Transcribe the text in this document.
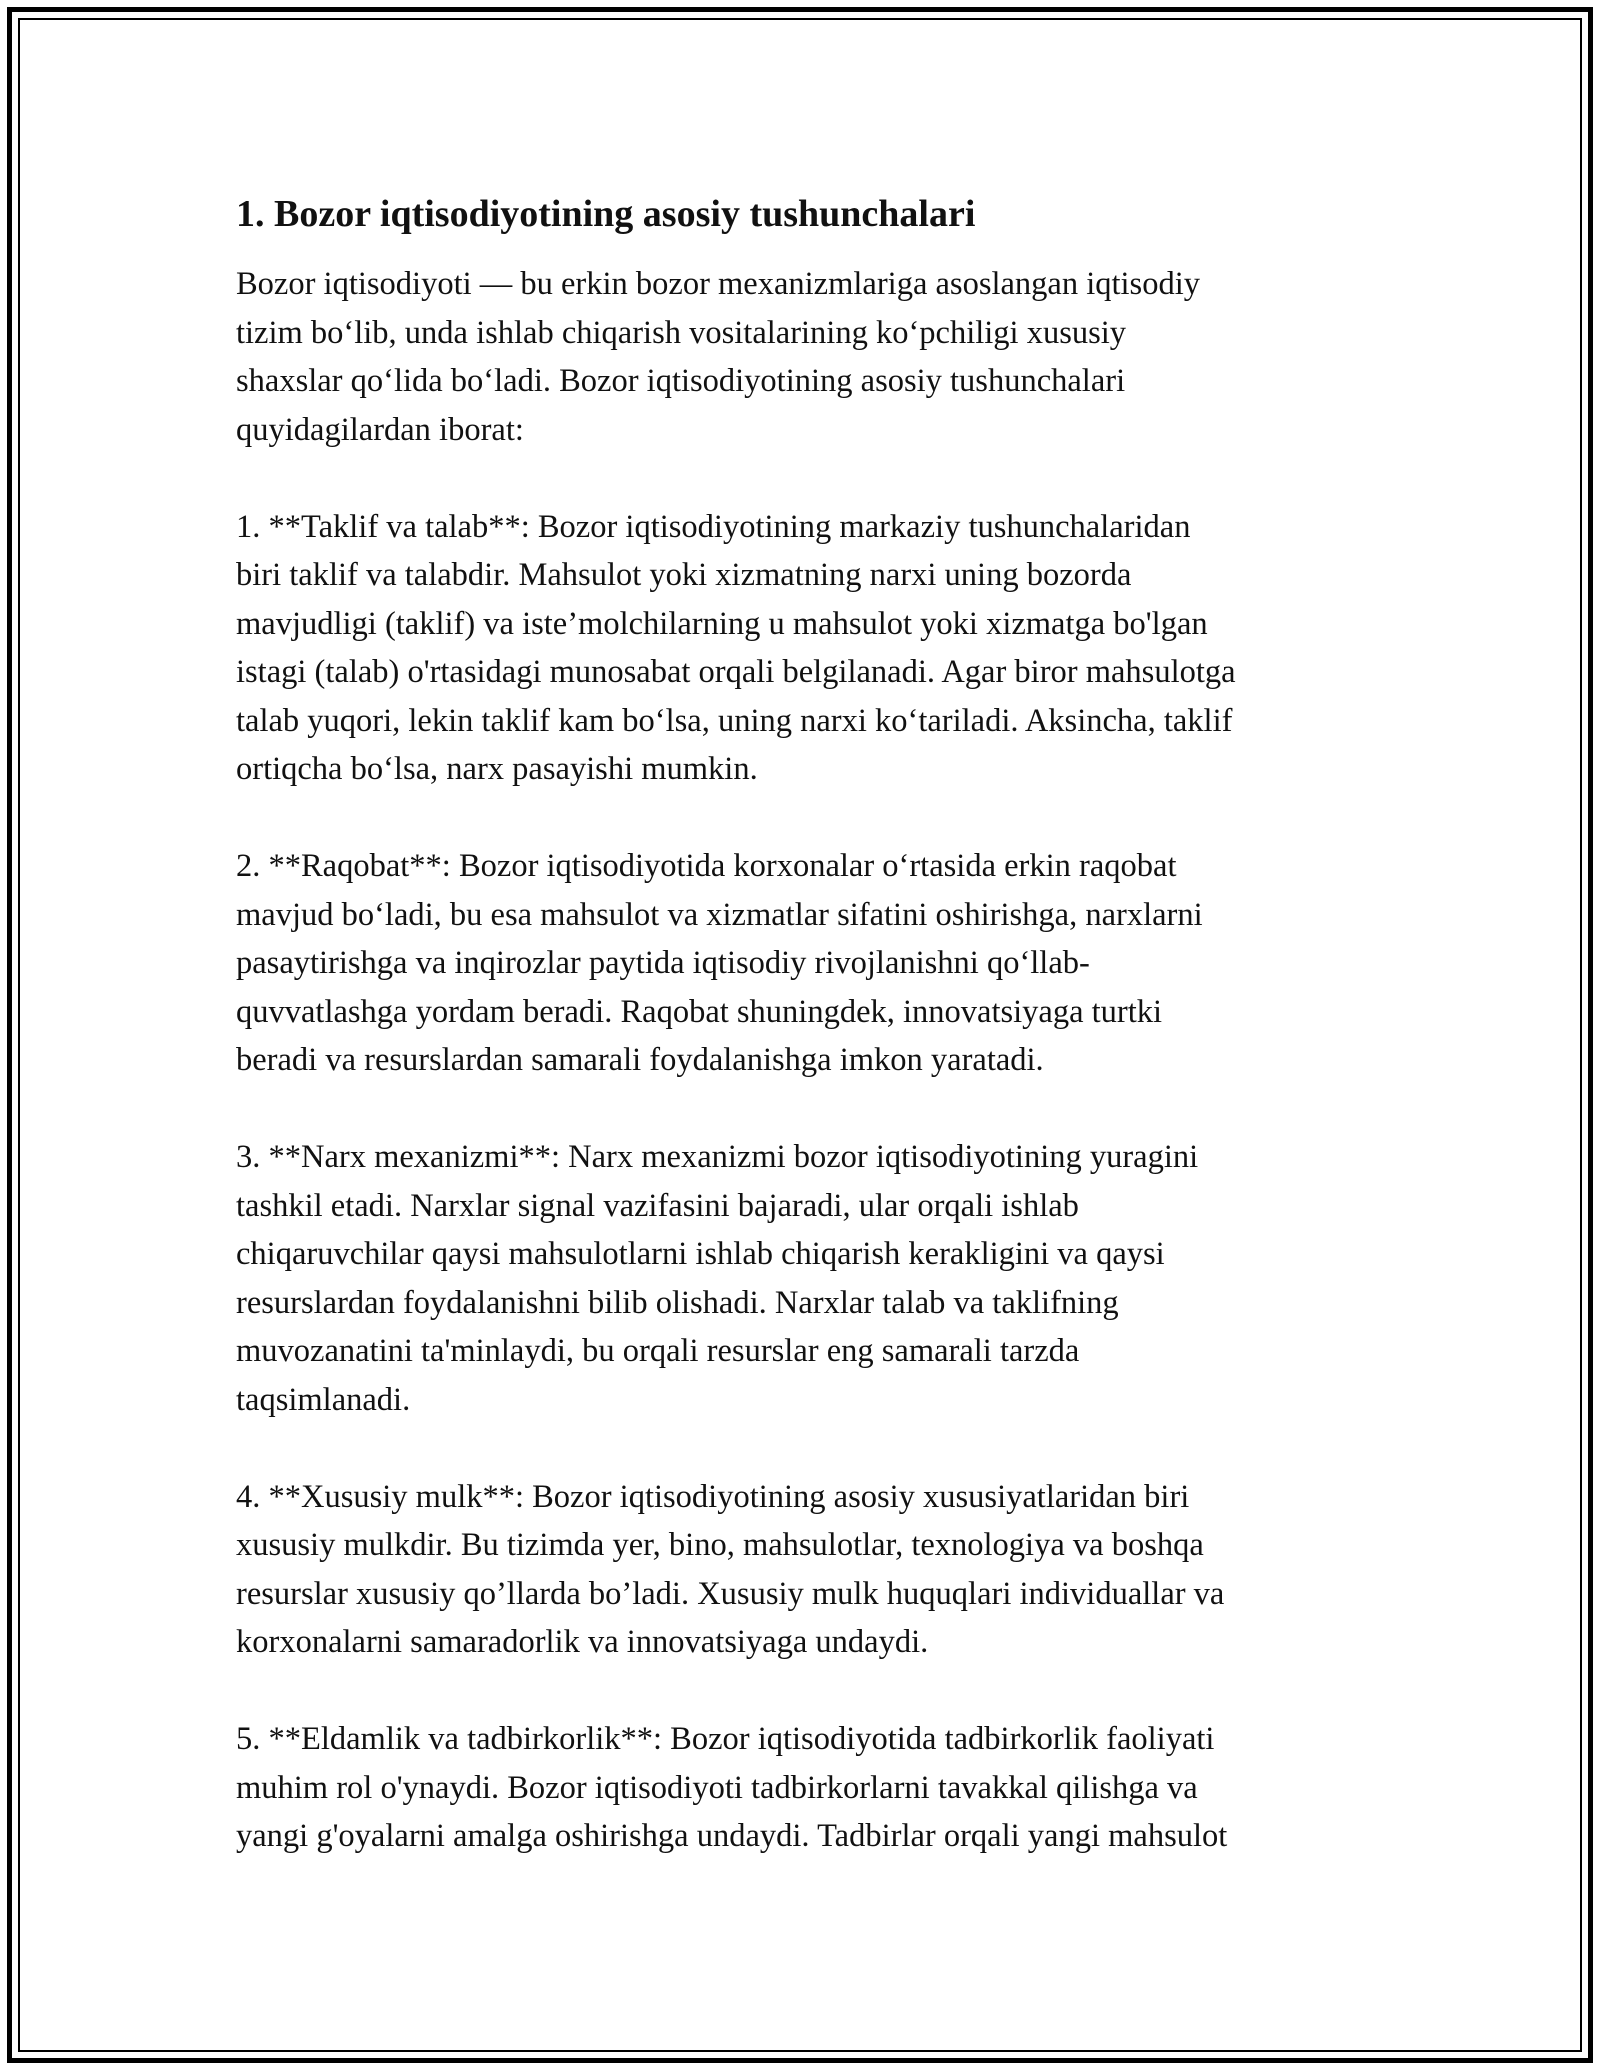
1. Bozor iqtisodiyotining asosiy tushunchalari

Bozor iqtisodiyoti — bu erkin bozor mexanizmlariga asoslangan iqtisodiy
tizim bo‘lib, unda ishlab chiqarish vositalarining ko‘pchiligi xususiy
shaxslar qo‘lida bo‘ladi. Bozor iqtisodiyotining asosiy tushunchalari
quyidagilardan iborat:

1. **Taklif va talab**: Bozor iqtisodiyotining markaziy tushunchalaridan
biri taklif va talabdir. Mahsulot yoki xizmatning narxi uning bozorda
mavjudligi (taklif) va iste’molchilarning u mahsulot yoki xizmatga bo'lgan
istagi (talab) o'rtasidagi munosabat orqali belgilanadi. Agar biror mahsulotga
talab yuqori, lekin taklif kam bo‘lsa, uning narxi ko‘tariladi. Aksincha, taklif
ortiqcha bo‘lsa, narx pasayishi mumkin.

2. **Raqobat**: Bozor iqtisodiyotida korxonalar o‘rtasida erkin raqobat
mavjud bo‘ladi, bu esa mahsulot va xizmatlar sifatini oshirishga, narxlarni
pasaytirishga va inqirozlar paytida iqtisodiy rivojlanishni qo‘llab-
quvvatlashga yordam beradi. Raqobat shuningdek, innovatsiyaga turtki
beradi va resurslardan samarali foydalanishga imkon yaratadi.

3. **Narx mexanizmi**: Narx mexanizmi bozor iqtisodiyotining yuragini
tashkil etadi. Narxlar signal vazifasini bajaradi, ular orqali ishlab
chiqaruvchilar qaysi mahsulotlarni ishlab chiqarish kerakligini va qaysi
resurslardan foydalanishni bilib olishadi. Narxlar talab va taklifning
muvozanatini ta'minlaydi, bu orqali resurslar eng samarali tarzda
taqsimlanadi.

4. **Xususiy mulk**: Bozor iqtisodiyotining asosiy xususiyatlaridan biri
xususiy mulkdir. Bu tizimda yer, bino, mahsulotlar, texnologiya va boshqa
resurslar xususiy qo’llarda bo’ladi. Xususiy mulk huquqlari individuallar va
korxonalarni samaradorlik va innovatsiyaga undaydi.

5. **Eldamlik va tadbirkorlik**: Bozor iqtisodiyotida tadbirkorlik faoliyati
muhim rol o'ynaydi. Bozor iqtisodiyoti tadbirkorlarni tavakkal qilishga va
yangi g'oyalarni amalga oshirishga undaydi. Tadbirlar orqali yangi mahsulot
